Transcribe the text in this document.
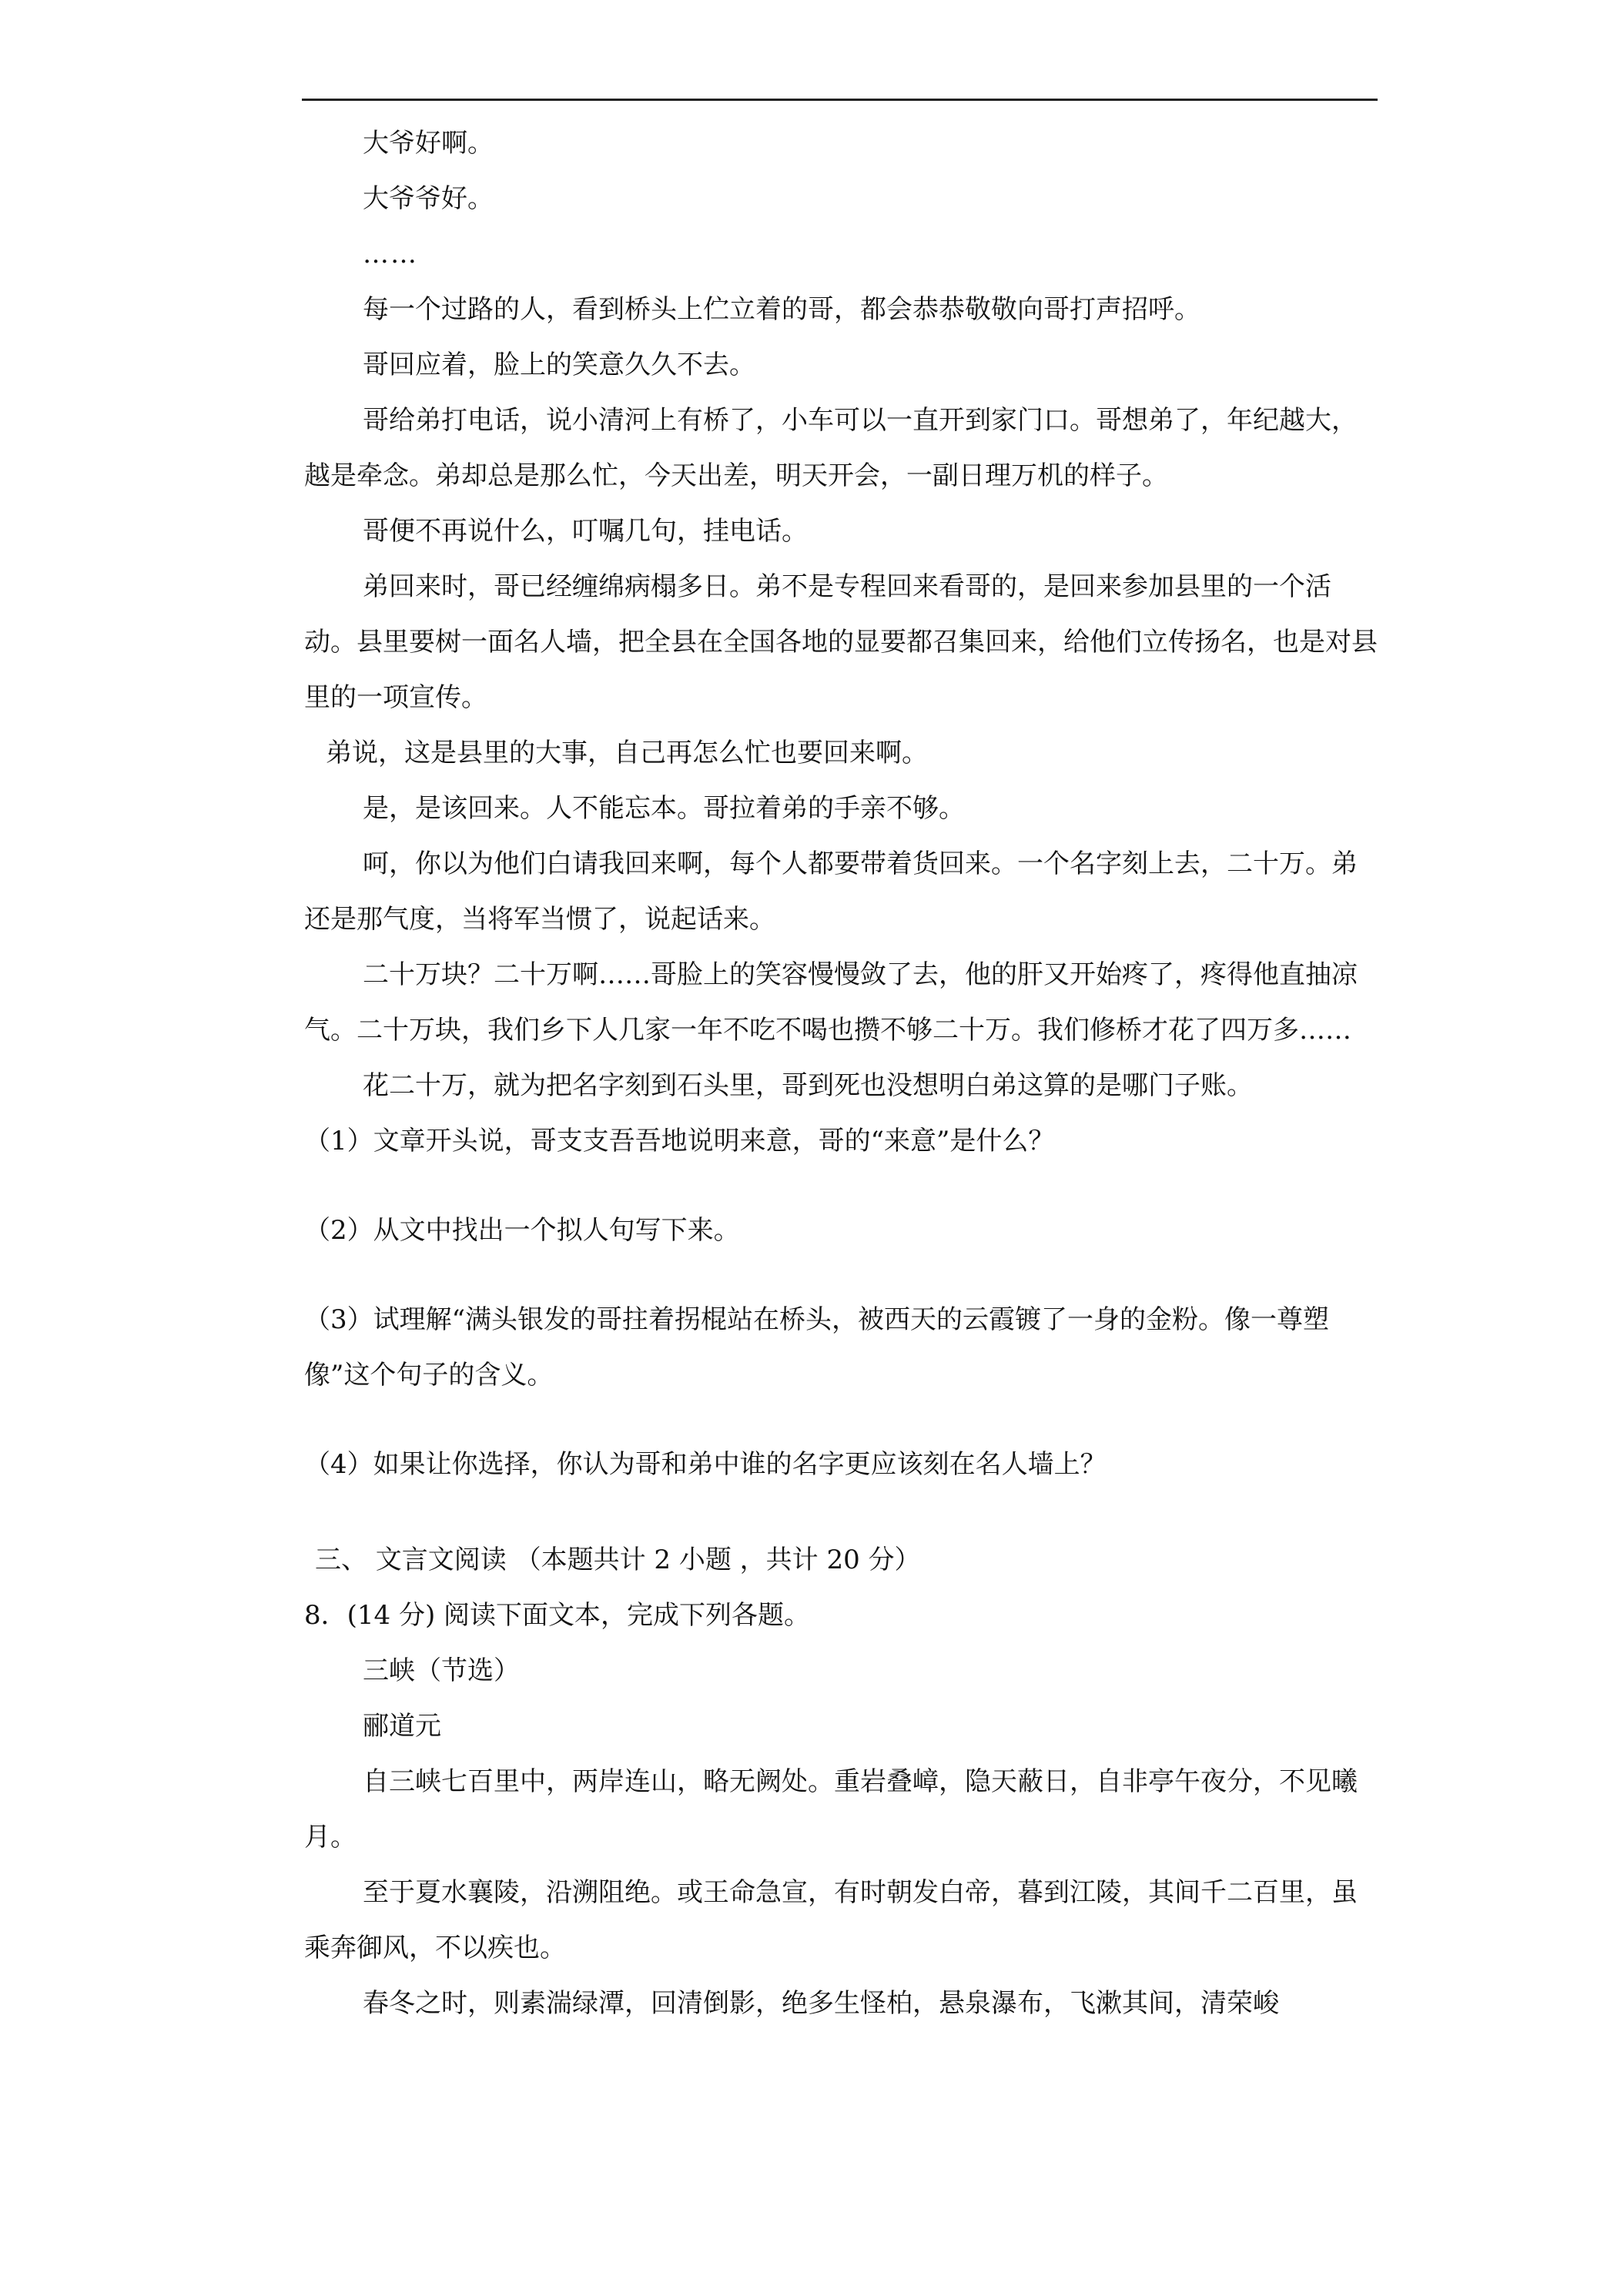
大爷好啊。

大爷爷好。

……

每一个过路的人，看到桥头上伫立着的哥，都会恭恭敬敬向哥打声招呼。

哥回应着，脸上的笑意久久不去。

哥给弟打电话，说小清河上有桥了，小车可以一直开到家门口。哥想弟了，年纪越大，越是牵念。弟却总是那么忙，今天出差，明天开会，一副日理万机的样子。

哥便不再说什么，叮嘱几句，挂电话。

弟回来时，哥已经缠绵病榻多日。弟不是专程回来看哥的，是回来参加县里的一个活动。县里要树一面名人墙，把全县在全国各地的显要都召集回来，给他们立传扬名，也是对县里的一项宣传。

弟说，这是县里的大事，自己再怎么忙也要回来啊。

是，是该回来。人不能忘本。哥拉着弟的手亲不够。

呵，你以为他们白请我回来啊，每个人都要带着货回来。一个名字刻上去，二十万。弟还是那气度，当将军当惯了，说起话来。

二十万块？二十万啊……哥脸上的笑容慢慢敛了去，他的肝又开始疼了，疼得他直抽凉气。二十万块，我们乡下人几家一年不吃不喝也攒不够二十万。我们修桥才花了四万多……

花二十万，就为把名字刻到石头里，哥到死也没想明白弟这算的是哪门子账。

（1）文章开头说，哥支支吾吾地说明来意，哥的“来意”是什么？

（2）从文中找出一个拟人句写下来。

（3）试理解“满头银发的哥拄着拐棍站在桥头，被西天的云霞镀了一身的金粉。像一尊塑像”这个句子的含义。

（4）如果让你选择，你认为哥和弟中谁的名字更应该刻在名人墙上？

三、 文言文阅读 （本题共计 2 小题 ，共计 20 分）

8．(14 分) 阅读下面文本，完成下列各题。

三峡（节选）

郦道元

自三峡七百里中，两岸连山，略无阙处。重岩叠嶂，隐天蔽日，自非亭午夜分，不见曦月。

至于夏水襄陵，沿溯阻绝。或王命急宣，有时朝发白帝，暮到江陵，其间千二百里，虽乘奔御风，不以疾也。

春冬之时，则素湍绿潭，回清倒影，绝多生怪柏，悬泉瀑布，飞漱其间，清荣峻
